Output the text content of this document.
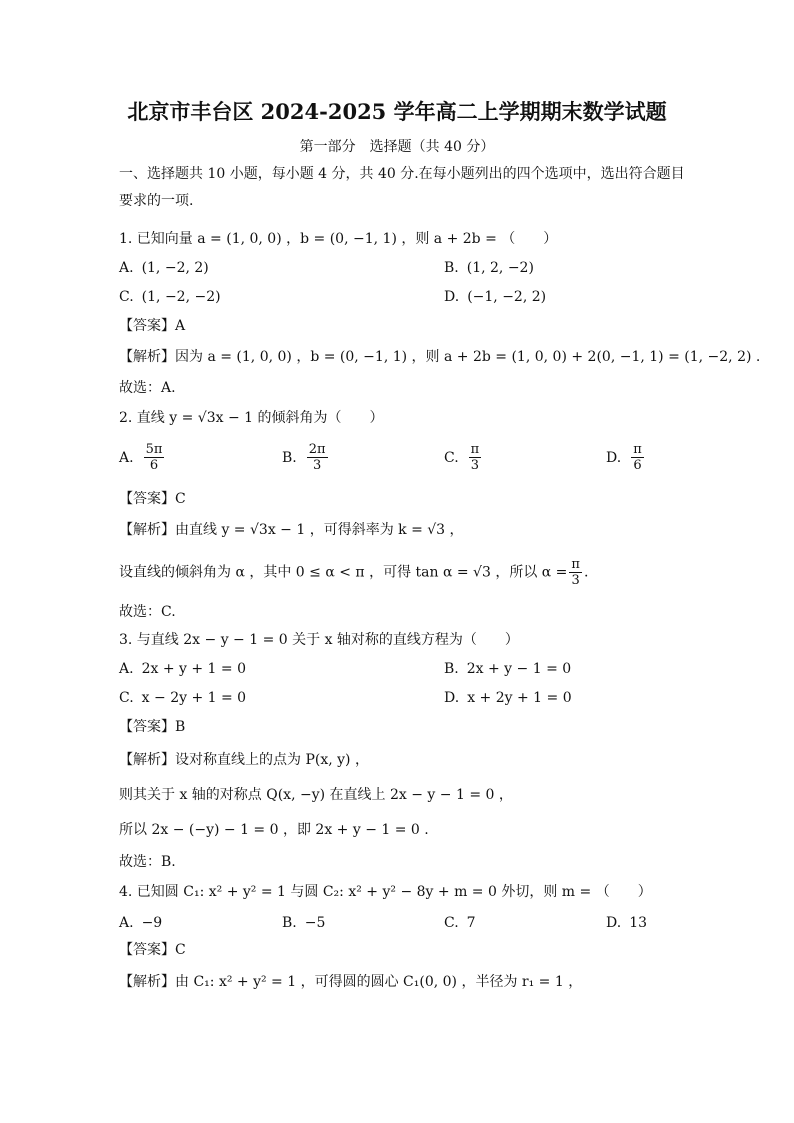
北京市丰台区 2024-2025 学年高二上学期期末数学试题
第一部分　选择题（共 40 分）
一、选择题共 10 小题，每小题 4 分，共 40 分.在每小题列出的四个选项中，选出符合题目
要求的一项.
1. 已知向量 a = (1, 0, 0) ，b = (0, −1, 1) ，则 a + 2b = （　　）
A. (1, −2, 2)	B. (1, 2, −2)
C. (1, −2, −2)	D. (−1, −2, 2)
【答案】A
【解析】因为 a = (1, 0, 0) ，b = (0, −1, 1) ，则 a + 2b = (1, 0, 0) + 2(0, −1, 1) = (1, −2, 2) .
故选：A.
2. 直线 y = √3x − 1 的倾斜角为（　　）
A. $\frac{5\pi}{6}$	B. $\frac{2\pi}{3}$	C. $\frac{\pi}{3}$	D. $\frac{\pi}{6}$
【答案】C
【解析】由直线 y = √3x − 1 ，可得斜率为 k = √3 ，
设直线的倾斜角为 α ，其中 0 ≤ α < π ，可得 tan α = √3 ，所以 $\alpha = \frac{\pi}{3}$ .
故选：C.
3. 与直线 2x − y − 1 = 0 关于 x 轴对称的直线方程为（　　）
A. 2x + y + 1 = 0	B. 2x + y − 1 = 0
C. x − 2y + 1 = 0	D. x + 2y + 1 = 0
【答案】B
【解析】设对称直线上的点为 P(x, y) ，
则其关于 x 轴的对称点 Q(x, −y) 在直线上 2x − y − 1 = 0 ，
所以 2x − (−y) − 1 = 0 ，即 2x + y − 1 = 0 .
故选：B.
4. 已知圆 C₁: x² + y² = 1 与圆 C₂: x² + y² − 8y + m = 0 外切，则 m = （　　）
A. −9	B. −5	C. 7	D. 13
【答案】C
【解析】由 C₁: x² + y² = 1 ，可得圆的圆心 C₁(0, 0) ，半径为 r₁ = 1 ，
